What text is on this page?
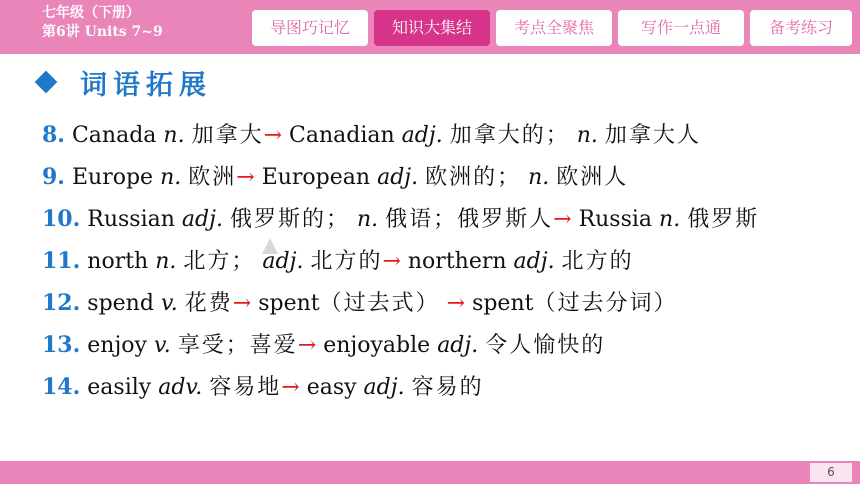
七年级（下册）
第6讲 Units 7~9	导图巧记忆	知识大集结	考点全聚焦	写作一点通	备考练习
词语拓展
8. Canada n. 加拿大→ Canadian adj. 加拿大的； n. 加拿大人
9. Europe n. 欧洲→ European adj. 欧洲的； n. 欧洲人
10. Russian adj. 俄罗斯的； n. 俄语；俄罗斯人→ Russia n. 俄罗斯
11. north n. 北方； adj. 北方的→ northern adj. 北方的
12. spend v. 花费→ spent（过去式） → spent（过去分词）
13. enjoy v. 享受；喜爱→ enjoyable adj. 令人愉快的
14. easily adv. 容易地→ easy adj. 容易的
6
